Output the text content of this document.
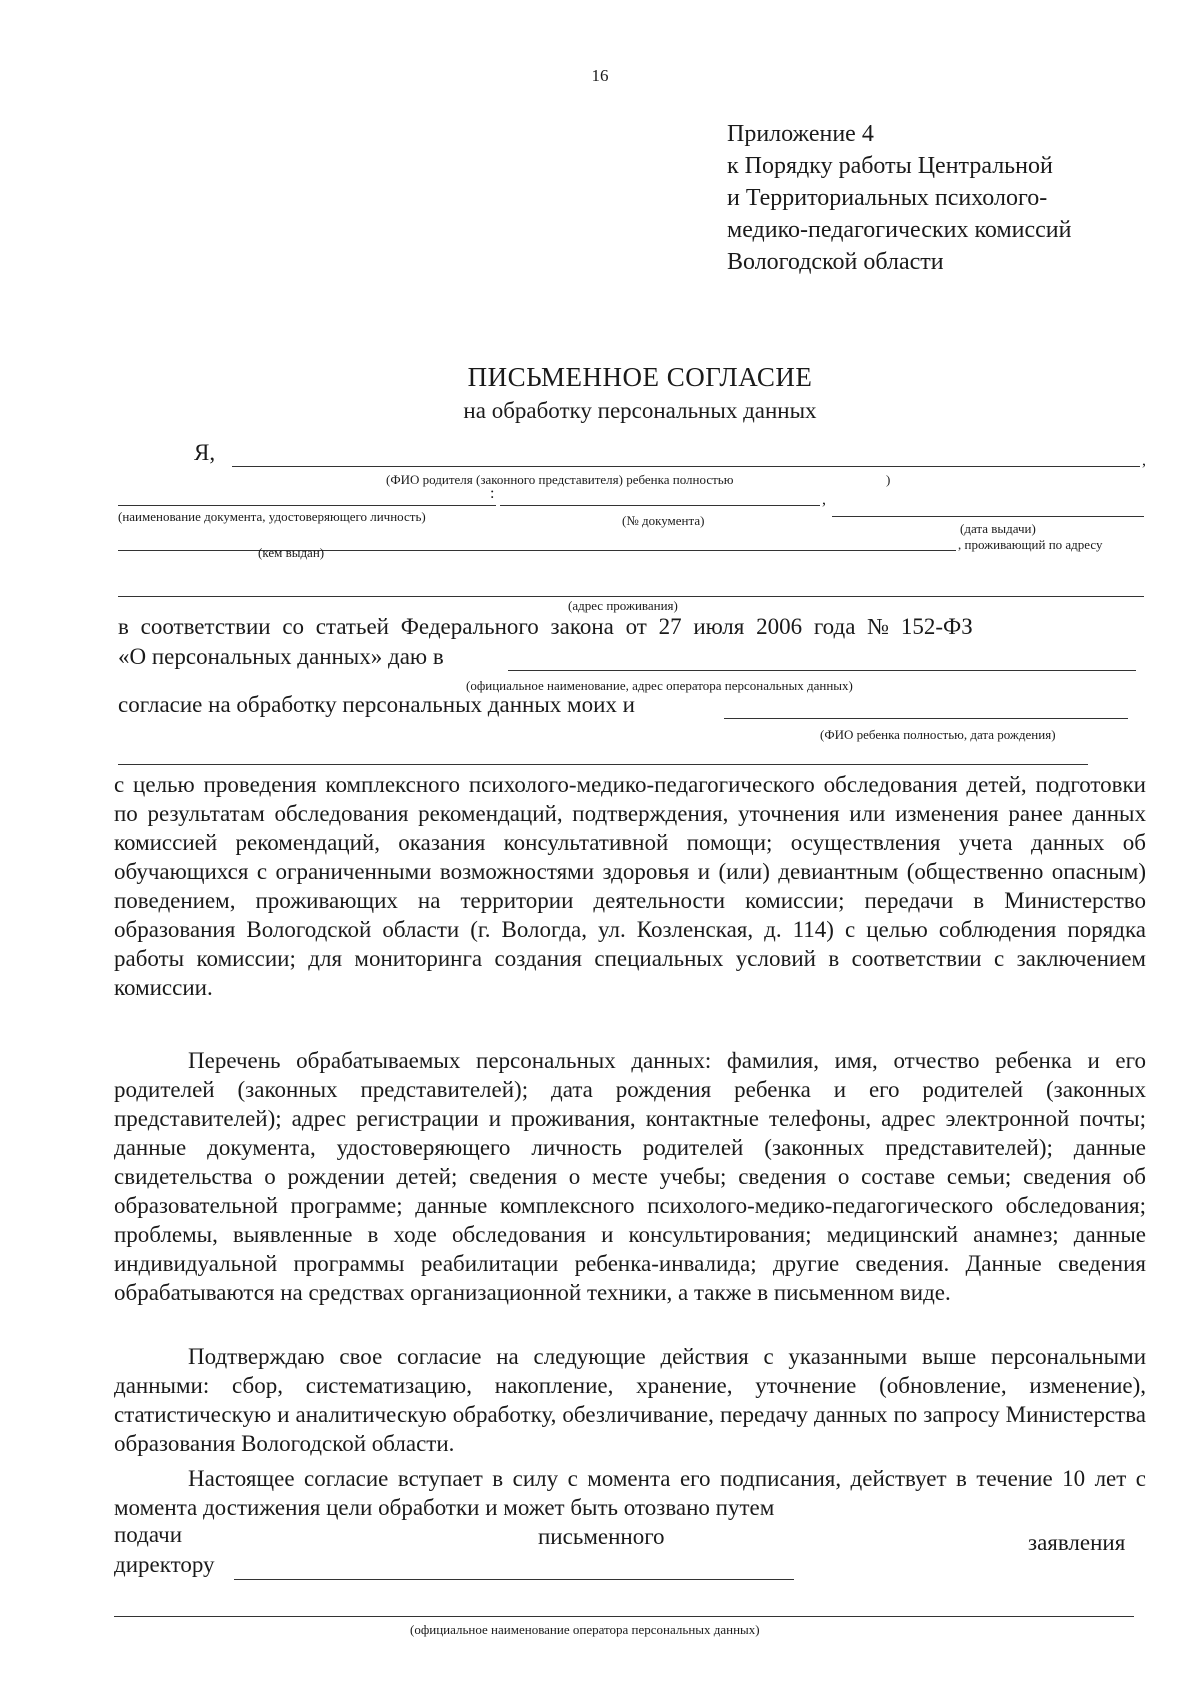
16
Приложение 4
к Порядку работы Центральной
и Территориальных психолого-
медико-педагогических комиссий
Вологодской области
ПИСЬМЕННОЕ СОГЛАСИЕ
на обработку персональных данных
Я,	,
(ФИО родителя (законного представителя) ребенка полностью	)
:	,
(наименование документа, удостоверяющего личность)	(№ документа)
(дата выдачи)
, проживающий по адресу
(кем выдан)
(адрес проживания)
в соответствии со статьей Федерального закона от 27 июля 2006 года № 152-ФЗ
«О персональных данных» даю в
(официальное наименование, адрес оператора персональных данных)
согласие на обработку персональных данных моих и
(ФИО ребенка полностью, дата рождения)
с целью проведения комплексного психолого-медико-педагогического обследования детей, подготовки по результатам обследования рекомендаций, подтверждения, уточнения или изменения ранее данных комиссией рекомендаций, оказания консультативной помощи; осуществления учета данных об обучающихся с ограниченными возможностями здоровья и (или) девиантным (общественно опасным) поведением, проживающих на территории деятельности комиссии; передачи в Министерство образования Вологодской области (г. Вологда, ул. Козленская, д. 114) с целью соблюдения порядка работы комиссии; для мониторинга создания специальных условий в соответствии с заключением комиссии.
Перечень обрабатываемых персональных данных: фамилия, имя, отчество ребенка и его родителей (законных представителей); дата рождения ребенка и его родителей (законных представителей); адрес регистрации и проживания, контактные телефоны, адрес электронной почты; данные документа, удостоверяющего личность родителей (законных представителей); данные свидетельства о рождении детей; сведения о месте учебы; сведения о составе семьи; сведения об образовательной программе; данные комплексного психолого-медико-педагогического обследования; проблемы, выявленные в ходе обследования и консультирования; медицинский анамнез; данные индивидуальной программы реабилитации ребенка-инвалида; другие сведения. Данные сведения обрабатываются на средствах организационной техники, а также в письменном виде.
Подтверждаю свое согласие на следующие действия с указанными выше персональными данными: сбор, систематизацию, накопление, хранение, уточнение (обновление, изменение), статистическую и аналитическую обработку, обезличивание, передачу данных по запросу Министерства образования Вологодской области.
Настоящее согласие вступает в силу с момента его подписания, действует в течение 10 лет с момента достижения цели обработки и может быть отозвано путем
подачи	письменного	заявления
директору
(официальное наименование оператора персональных данных)
